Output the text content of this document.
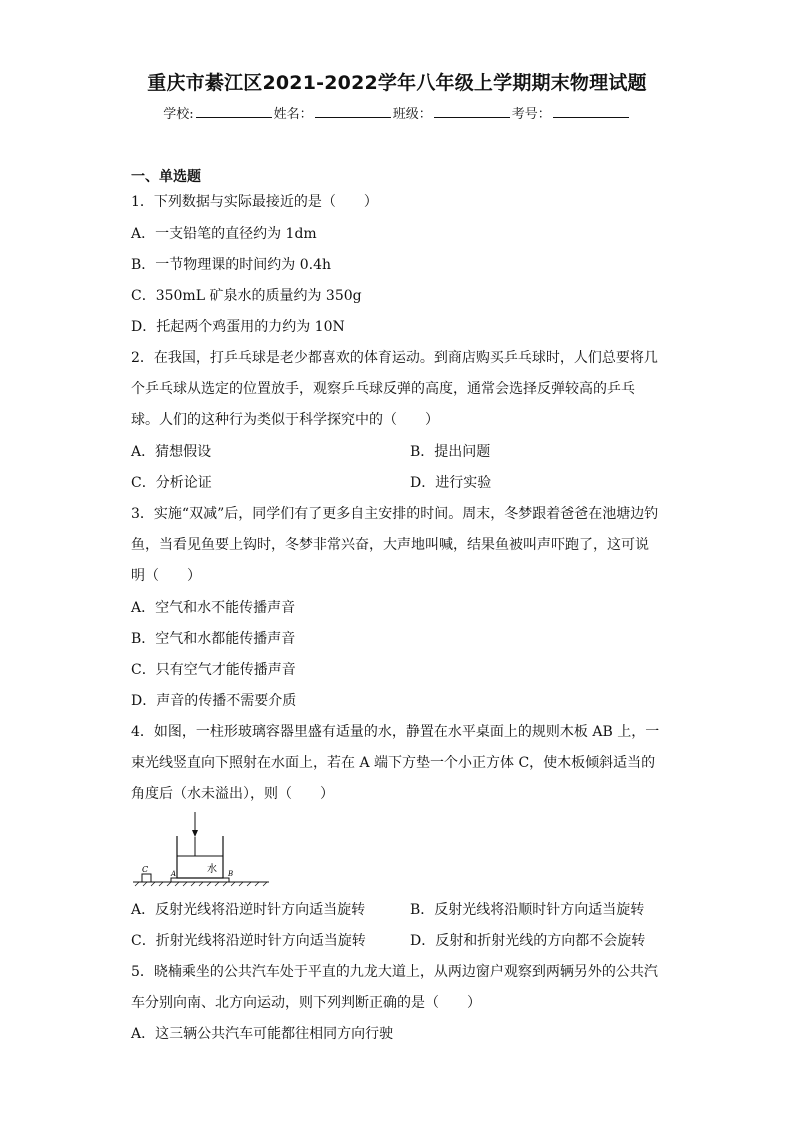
重庆市綦江区2021-2022学年八年级上学期期末物理试题
学校:	姓名：	班级：	考号：
一、单选题
1．下列数据与实际最接近的是（　　）
A．一支铅笔的直径约为 1dm
B．一节物理课的时间约为 0.4h
C．350mL 矿泉水的质量约为 350g
D．托起两个鸡蛋用的力约为 10N
2．在我国，打乒乓球是老少都喜欢的体育运动。到商店购买乒乓球时，人们总要将几
个乒乓球从选定的位置放手，观察乒乓球反弹的高度，通常会选择反弹较高的乒乓
球。人们的这种行为类似于科学探究中的（　　）
A．猜想假设	B．提出问题
C．分析论证	D．进行实验
3．实施“双减”后，同学们有了更多自主安排的时间。周末，冬梦跟着爸爸在池塘边钓
鱼，当看见鱼要上钩时，冬梦非常兴奋，大声地叫喊，结果鱼被叫声吓跑了，这可说
明（　　）
A．空气和水不能传播声音
B．空气和水都能传播声音
C．只有空气才能传播声音
D．声音的传播不需要介质
4．如图，一柱形玻璃容器里盛有适量的水，静置在水平桌面上的规则木板 AB 上，一
束光线竖直向下照射在水面上，若在 A 端下方垫一个小正方体 C，使木板倾斜适当的
角度后（水未溢出），则（　　）
水
C	A	B
A．反射光线将沿逆时针方向适当旋转	B．反射光线将沿顺时针方向适当旋转
C．折射光线将沿逆时针方向适当旋转	D．反射和折射光线的方向都不会旋转
5．晓楠乘坐的公共汽车处于平直的九龙大道上，从两边窗户观察到两辆另外的公共汽
车分别向南、北方向运动，则下列判断正确的是（　　）
A．这三辆公共汽车可能都往相同方向行驶
